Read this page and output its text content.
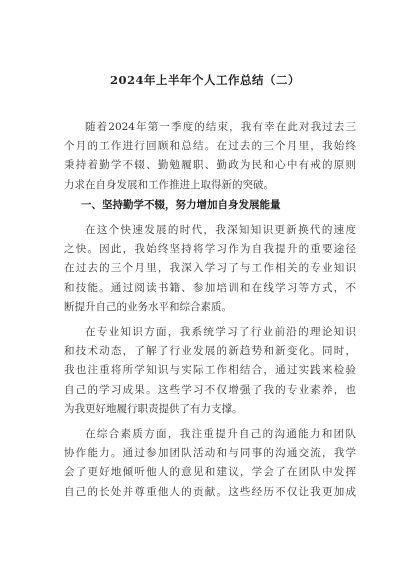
2024年上半年个人工作总结（二）
随着2024年第一季度的结束，我有幸在此对我过去三
个月的工作进行回顾和总结。在过去的三个月里，我始终
秉持着勤学不辍、勤勉履职、勤政为民和心中有戒的原则
力求在自身发展和工作推进上取得新的突破。
一、坚持勤学不辍，努力增加自身发展能量
在这个快速发展的时代，我深知知识更新换代的速度
之快。因此，我始终坚持将学习作为自我提升的重要途径
在过去的三个月里，我深入学习了与工作相关的专业知识
和技能。通过阅读书籍、参加培训和在线学习等方式，不
断提升自己的业务水平和综合素质。
在专业知识方面，我系统学习了行业前沿的理论知识
和技术动态，了解了行业发展的新趋势和新变化。同时，
我也注重将所学知识与实际工作相结合，通过实践来检验
自己的学习成果。这些学习不仅增强了我的专业素养，也
为我更好地履行职责提供了有力支撑。
在综合素质方面，我注重提升自己的沟通能力和团队
协作能力。通过参加团队活动和与同事的沟通交流，我学
会了更好地倾听他人的意见和建议，学会了在团队中发挥
自己的长处并尊重他人的贡献。这些经历不仅让我更加成
